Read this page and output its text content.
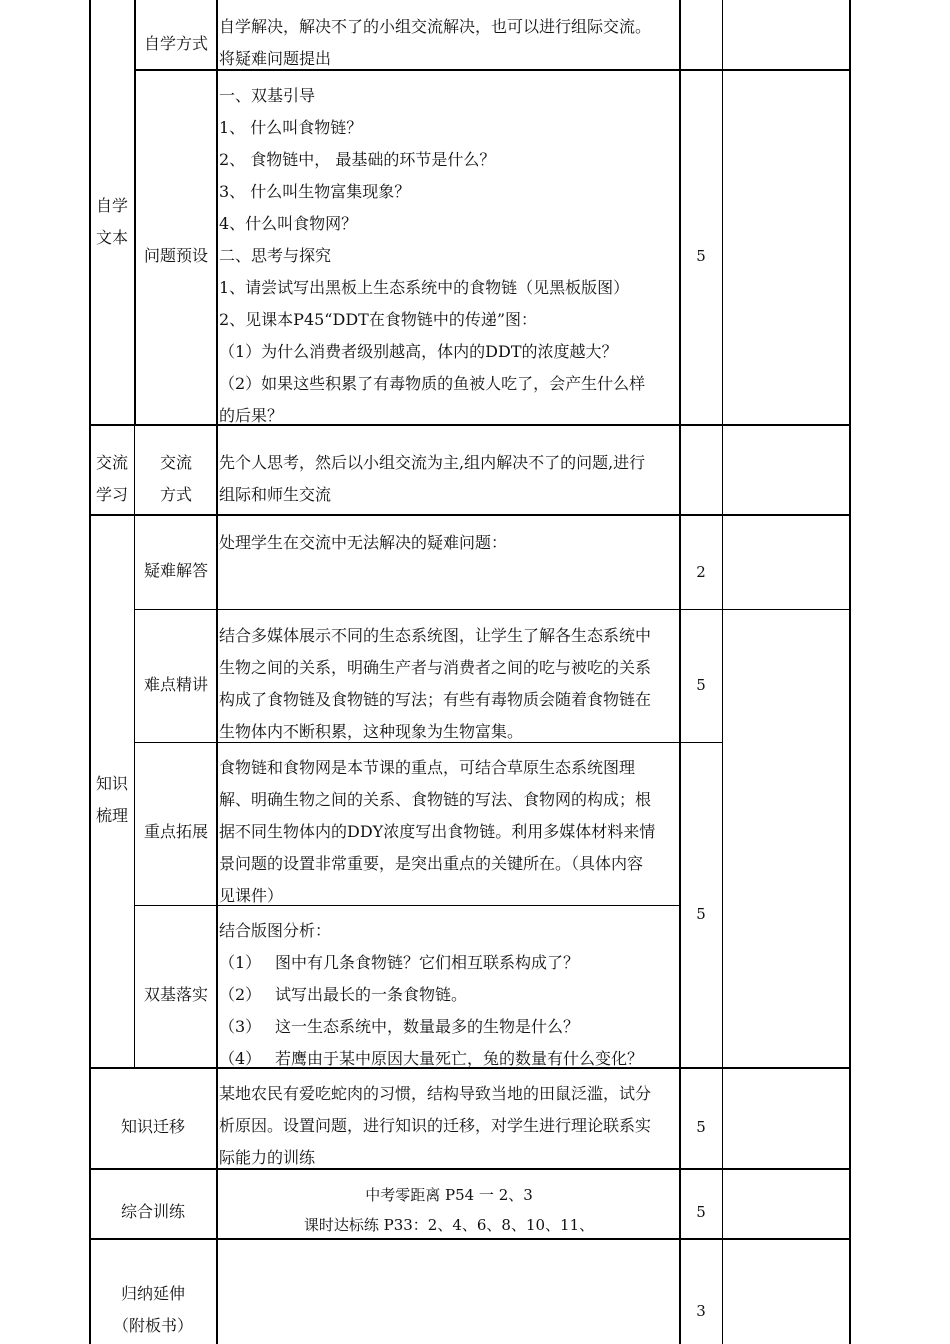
自学
文本
自学方式
自学解决，解决不了的小组交流解决，也可以进行组际交流。
将疑难问题提出
问题预设
一、双基引导
1、 什么叫食物链？
2、 食物链中， 最基础的环节是什么？
3、 什么叫生物富集现象？
4、什么叫食物网？
二、思考与探究
1、请尝试写出黑板上生态系统中的食物链（见黑板版图）
2、见课本P45“DDT在食物链中的传递”图：
（1）为什么消费者级别越高，体内的DDT的浓度越大？
（2）如果这些积累了有毒物质的鱼被人吃了，会产生什么样
的后果？
5
交流
学习
交流
方式
先个人思考，然后以小组交流为主,组内解决不了的问题,进行
组际和师生交流
知识
梳理
疑难解答
处理学生在交流中无法解决的疑难问题：
2
难点精讲
结合多媒体展示不同的生态系统图，让学生了解各生态系统中
生物之间的关系，明确生产者与消费者之间的吃与被吃的关系
构成了食物链及食物链的写法；有些有毒物质会随着食物链在
生物体内不断积累，这种现象为生物富集。
5
重点拓展
食物链和食物网是本节课的重点，可结合草原生态系统图理
解、明确生物之间的关系、食物链的写法、食物网的构成；根
据不同生物体内的DDY浓度写出食物链。利用多媒体材料来情
景问题的设置非常重要，是突出重点的关键所在。（具体内容
见课件）
5
双基落实
结合版图分析：
（1） 图中有几条食物链？它们相互联系构成了？
（2） 试写出最长的一条食物链。
（3） 这一生态系统中，数量最多的生物是什么？
（4） 若鹰由于某中原因大量死亡，兔的数量有什么变化？
知识迁移
某地农民有爱吃蛇肉的习惯，结构导致当地的田鼠泛滥，试分
析原因。设置问题，进行知识的迁移，对学生进行理论联系实
际能力的训练
5
综合训练
中考零距离 P54 一 2、3
课时达标练 P33：2、4、6、8、10、11、
5
归纳延伸
（附板书）
3
